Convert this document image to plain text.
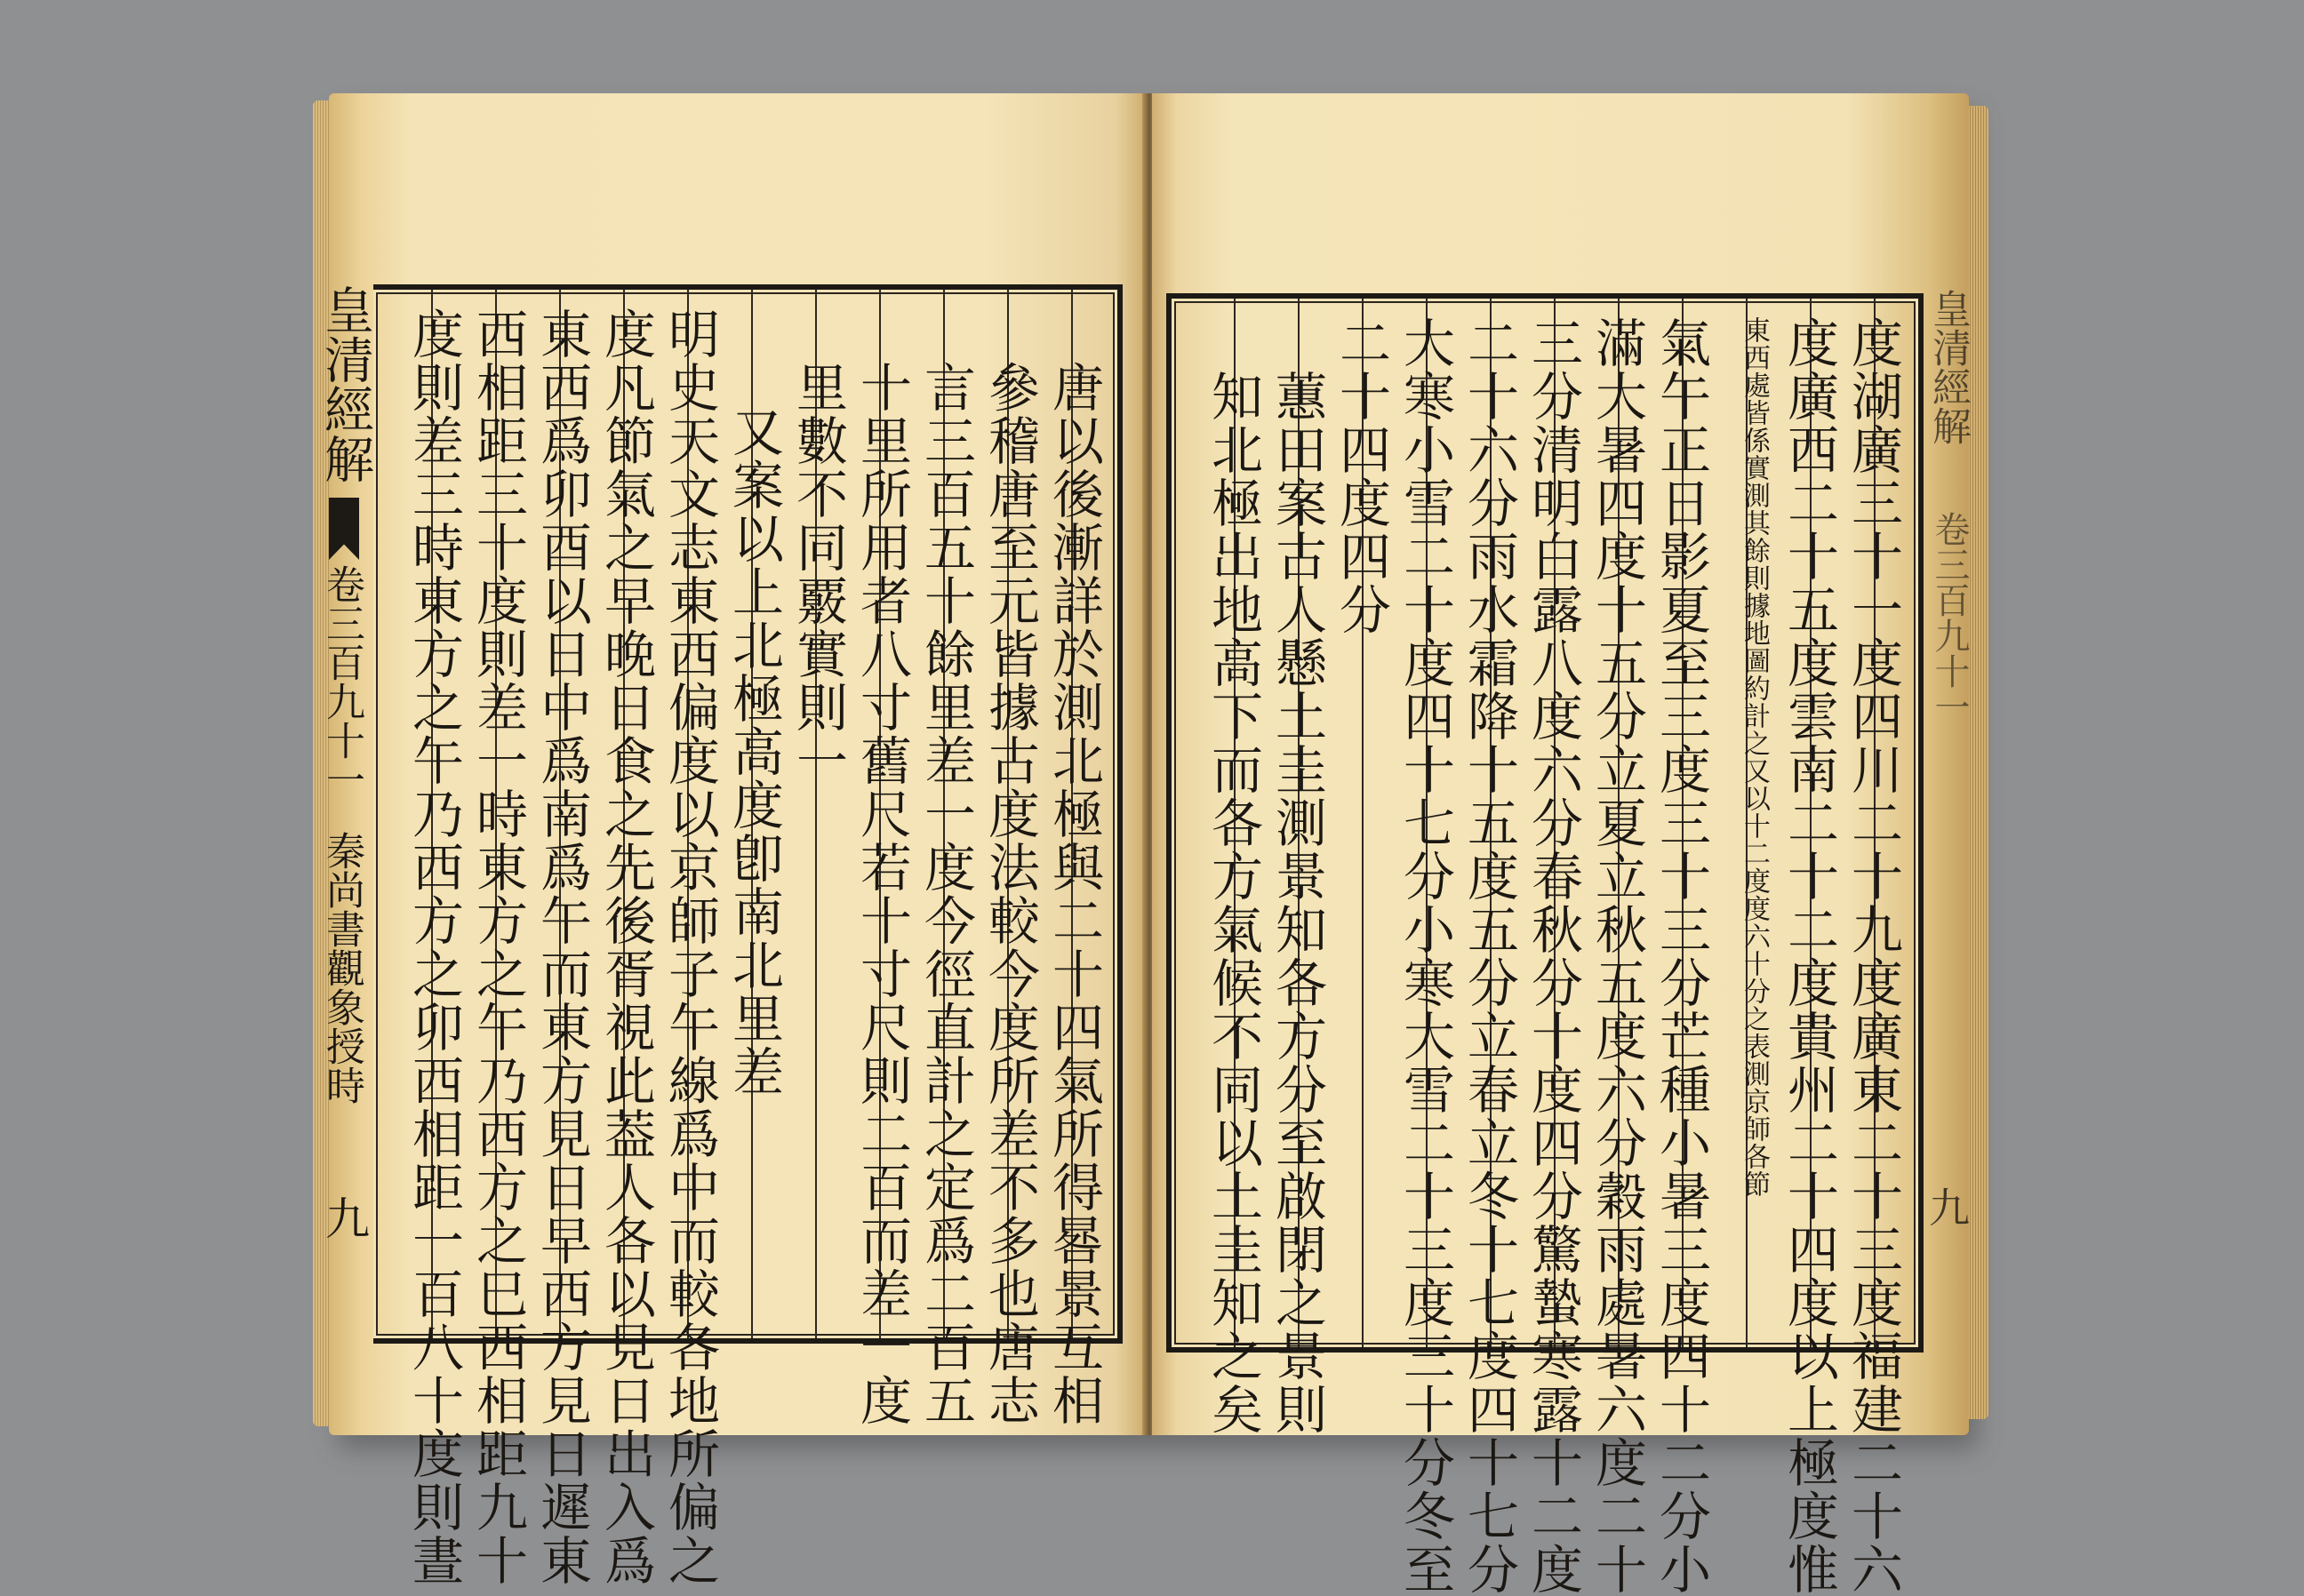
唐以後漸詳於測北極與二十四氣所得晷景互相
參稽唐至元皆據古度法較今度所差不多也唐志
言三百五十餘里差一度今徑直計之定爲二百五
十里所用者八寸舊尺若十寸尺則二百而差一度
里數不同覈實則一
又案以上北極高度卽南北里差
明史天文志東西偏度以京師子午線爲中而較各地所偏之
度凡節氣之早晚日食之先後胥視此葢人各以見日出入爲
東西爲卯酉以日中爲南爲午而東方見日早西方見日遲東
西相距三十度則差一時東方之午乃西方之巳西相距九十
度則差三時東方之午乃西方之卯西相距一百八十度則晝
皇清經解
卷三百九十一
秦尚書觀象授時
九	度湖廣三十一度四川二十九度廣東二十三度福建二十六
度廣西二十五度雲南二十二度貴州二十四度以上極度惟
東西處皆係實測其餘則據地圖約計之又以十二度度六十分之表測京師各節
氣午正日影夏至三度三十三分芒種小暑三度四十二分小
滿大暑四度十五分立夏立秋五度六分穀雨處暑六度二十
三分清明白露八度六分春秋分十度四分驚蟄寒露十二度
二十六分雨水霜降十五度五分立春立冬十七度四十七分
大寒小雪二十度四十七分小寒大雪二十三度三十分冬至
二十四度四分
蕙田案古人懸土圭測景知各方分至啟閉之景則
知北極出地高下而各方氣候不同以土圭知之矣
皇清經解
卷三百九十一
九
